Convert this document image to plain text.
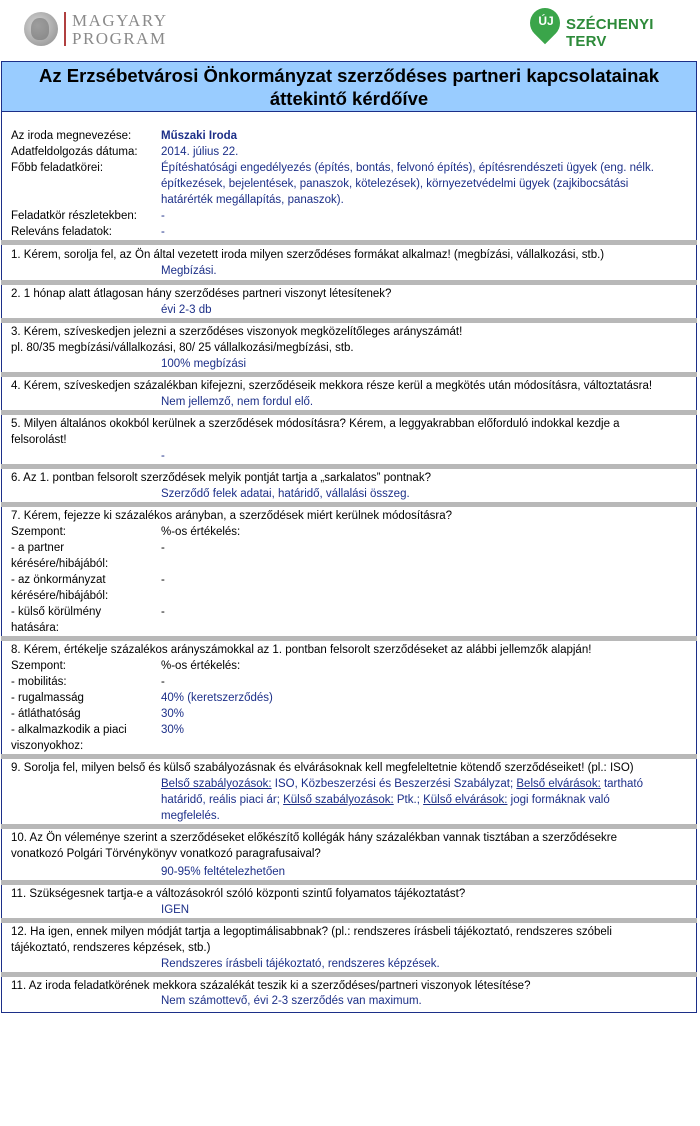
MAGYARY
PROGRAM
ÚJ SZÉCHENYI TERV
Az Erzsébetvárosi Önkormányzat szerződéses partneri kapcsolatainak
áttekintő kérdőíve
Az iroda megnevezése:	Műszaki Iroda
Adatfeldolgozás dátuma: 2014. július 22.
Főbb feladatkörei:	Építéshatósági engedélyezés (építés, bontás, felvonó építés), építésrendészeti ügyek (eng. nélk.
építkezések, bejelentések, panaszok, kötelezések), környezetvédelmi ügyek (zajkibocsátási
határérték megállapítás, panaszok).
Feladatkör részletekben: -
Releváns feladatok:	-
1. Kérem, sorolja fel, az Ön által vezetett iroda milyen szerződéses formákat alkalmaz! (megbízási, vállalkozási, stb.)
Megbízási.
2. 1 hónap alatt átlagosan hány szerződéses partneri viszonyt létesítenek?
évi 2-3 db
3. Kérem, szíveskedjen jelezni a szerződéses viszonyok megközelítőleges arányszámát!
pl. 80/35 megbízási/vállalkozási, 80/ 25 vállalkozási/megbízási, stb.
100% megbízási
4. Kérem, szíveskedjen százalékban kifejezni, szerződéseik mekkora része kerül a megkötés után módosításra, változtatásra!
Nem jellemző, nem fordul elő.
5. Milyen általános okokból kerülnek a szerződések módosításra? Kérem, a leggyakrabban előforduló indokkal kezdje a
felsorolást!
-
6. Az 1. pontban felsorolt szerződések melyik pontját tartja a „sarkalatos” pontnak?
Szerződő felek adatai, határidő, vállalási összeg.
7. Kérem, fejezze ki százalékos arányban, a szerződések miért kerülnek módosításra?
Szempont:	%-os értékelés:
- a partner
kérésére/hibájából:
-
- az önkormányzat
kérésére/hibájából:
-
- külső körülmény
hatására:
-
8. Kérem, értékelje százalékos arányszámokkal az 1. pontban felsorolt szerződéseket az alábbi jellemzők alapján!
Szempont:	%-os értékelés:
- mobilitás:	-
- rugalmasság	40% (keretszerződés)
- átláthatóság	30%
- alkalmazkodik a piaci
viszonyokhoz:
30%
9. Sorolja fel, milyen belső és külső szabályozásnak és elvárásoknak kell megfeleltetnie kötendő szerződéseiket! (pl.: ISO)
Belső szabályozások: ISO, Közbeszerzési és Beszerzési Szabályzat; Belső elvárások: tartható
határidő, reális piaci ár; Külső szabályozások: Ptk.; Külső elvárások: jogi formáknak való
megfelelés.
10. Az Ön véleménye szerint a szerződéseket előkészítő kollégák hány százalékban vannak tisztában a szerződésekre
vonatkozó Polgári Törvénykönyv vonatkozó paragrafusaival?
90-95% feltételezhetően
11. Szükségesnek tartja-e a változásokról szóló központi szintű folyamatos tájékoztatást?
IGEN
12. Ha igen, ennek milyen módját tartja a legoptimálisabbnak? (pl.: rendszeres írásbeli tájékoztató, rendszeres szóbeli
tájékoztató, rendszeres képzések, stb.)
Rendszeres írásbeli tájékoztató, rendszeres képzések.
11. Az iroda feladatkörének mekkora százalékát teszik ki a szerződéses/partneri viszonyok létesítése?
Nem számottevő, évi 2-3 szerződés van maximum.
